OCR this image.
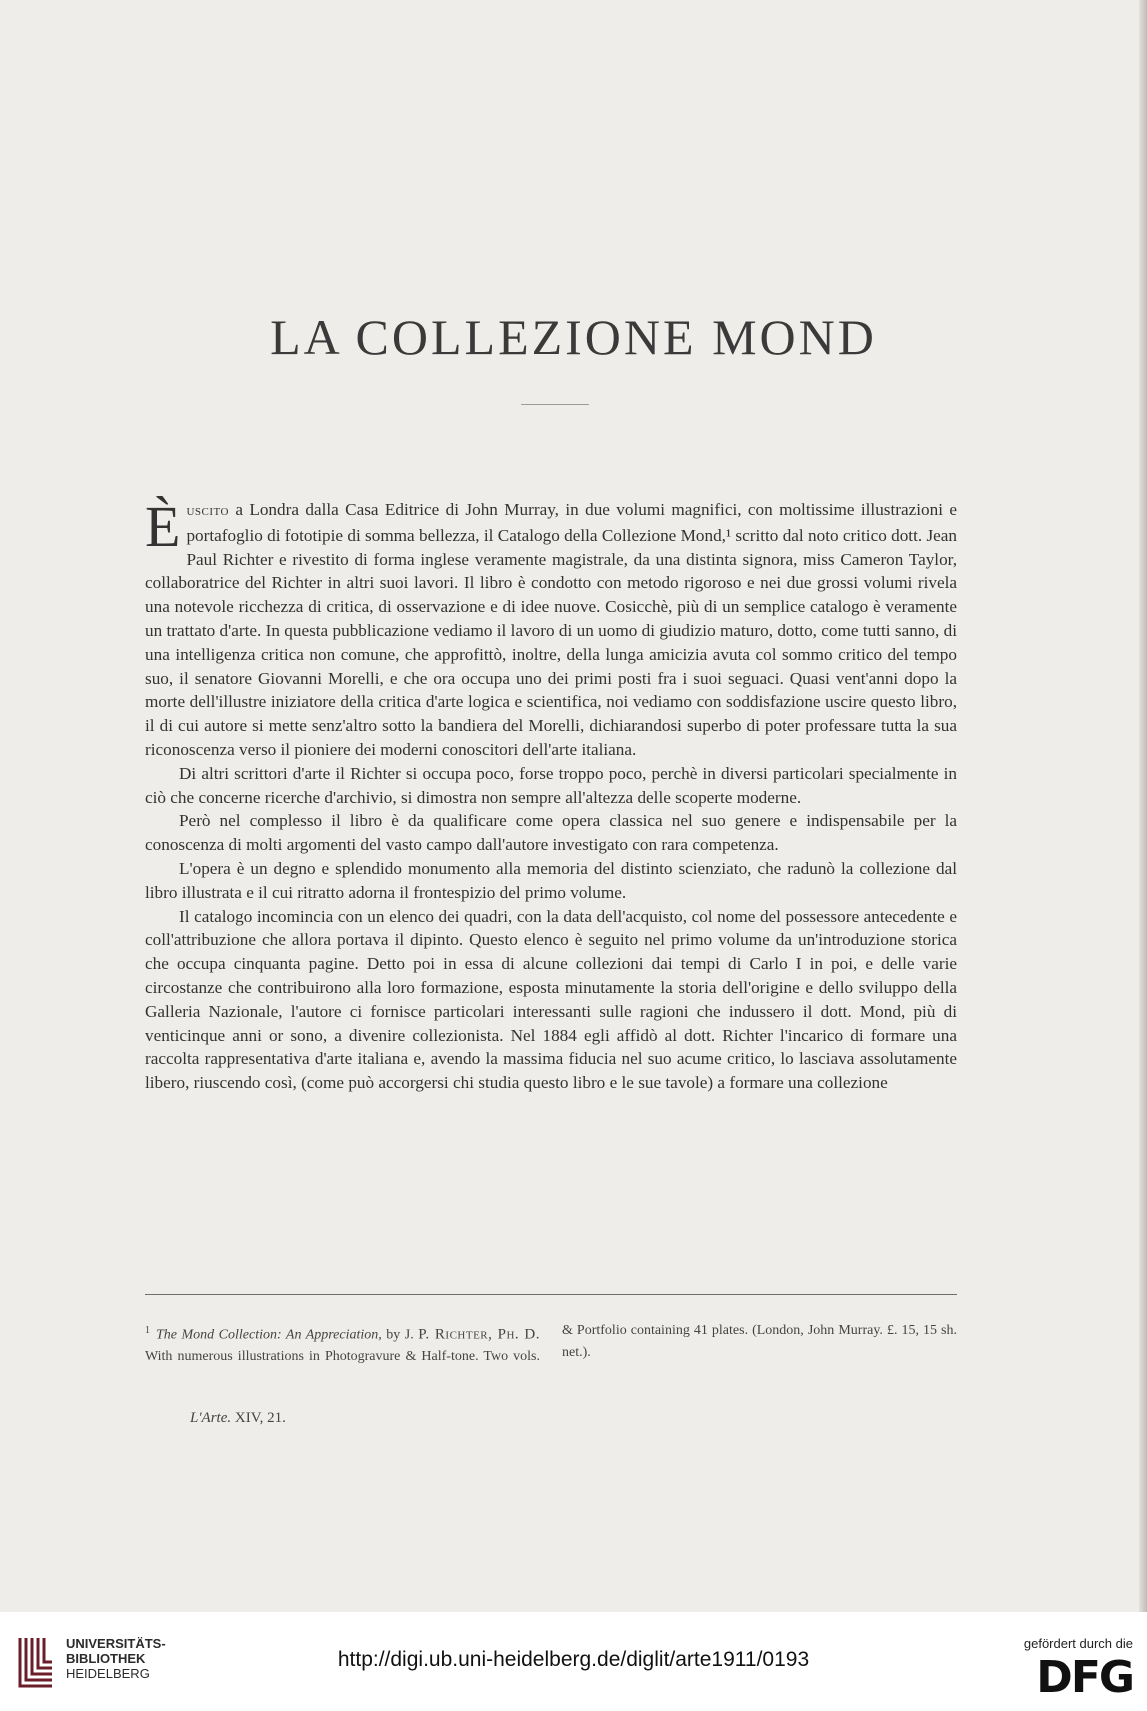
LA COLLEZIONE MOND

Èuscito a Londra dalla Casa Editrice di John Murray, in due volumi magnifici, con moltissime illustrazioni e portafoglio di fototipie di somma bellezza, il Catalogo della Collezione Mond,¹ scritto dal noto critico dott. Jean Paul Richter e rivestito di forma inglese veramente magistrale, da una distinta signora, miss Cameron Taylor, collaboratrice del Richter in altri suoi lavori. Il libro è condotto con metodo rigoroso e nei due grossi volumi rivela una notevole ricchezza di critica, di osservazione e di idee nuove. Cosicchè, più di un semplice catalogo è veramente un trattato d'arte. In questa pubblicazione vediamo il lavoro di un uomo di giudizio maturo, dotto, come tutti sanno, di una intelligenza critica non comune, che approfittò, inoltre, della lunga amicizia avuta col sommo critico del tempo suo, il senatore Giovanni Morelli, e che ora occupa uno dei primi posti fra i suoi seguaci. Quasi vent'anni dopo la morte dell'illustre iniziatore della critica d'arte logica e scientifica, noi vediamo con soddisfazione uscire questo libro, il di cui autore si mette senz'altro sotto la bandiera del Morelli, dichiarandosi superbo di poter professare tutta la sua riconoscenza verso il pioniere dei moderni conoscitori dell'arte italiana.

Di altri scrittori d'arte il Richter si occupa poco, forse troppo poco, perchè in diversi particolari specialmente in ciò che concerne ricerche d'archivio, si dimostra non sempre all'altezza delle scoperte moderne.

Però nel complesso il libro è da qualificare come opera classica nel suo genere e indispensabile per la conoscenza di molti argomenti del vasto campo dall'autore investigato con rara competenza.

L'opera è un degno e splendido monumento alla memoria del distinto scienziato, che radunò la collezione dal libro illustrata e il cui ritratto adorna il frontespizio del primo volume.

Il catalogo incomincia con un elenco dei quadri, con la data dell'acquisto, col nome del possessore antecedente e coll'attribuzione che allora portava il dipinto. Questo elenco è seguito nel primo volume da un'introduzione storica che occupa cinquanta pagine. Detto poi in essa di alcune collezioni dai tempi di Carlo I in poi, e delle varie circostanze che contribuirono alla loro formazione, esposta minutamente la storia dell'origine e dello sviluppo della Galleria Nazionale, l'autore ci fornisce particolari interessanti sulle ragioni che indussero il dott. Mond, più di venticinque anni or sono, a divenire collezionista. Nel 1884 egli affidò al dott. Richter l'incarico di formare una raccolta rappresentativa d'arte italiana e, avendo la massima fiducia nel suo acume critico, lo lasciava assolutamente libero, riuscendo così, (come può accorgersi chi studia questo libro e le sue tavole) a formare una collezione

$^1$ The Mond Collection: An Appreciation, by J. P. Richter, Ph. D. With numerous illustrations in Photogravure & Half-tone. Two vols. & Portfolio containing 41 plates. (London, John Murray. £. 15, 15 sh. net.).
L'Arte. XIV, 21.
UNIVERSITÄTS-
BIBLIOTHEK
HEIDELBERG
http://digi.ub.uni-heidelberg.de/diglit/arte1911/0193
gefördert durch die
DFG
